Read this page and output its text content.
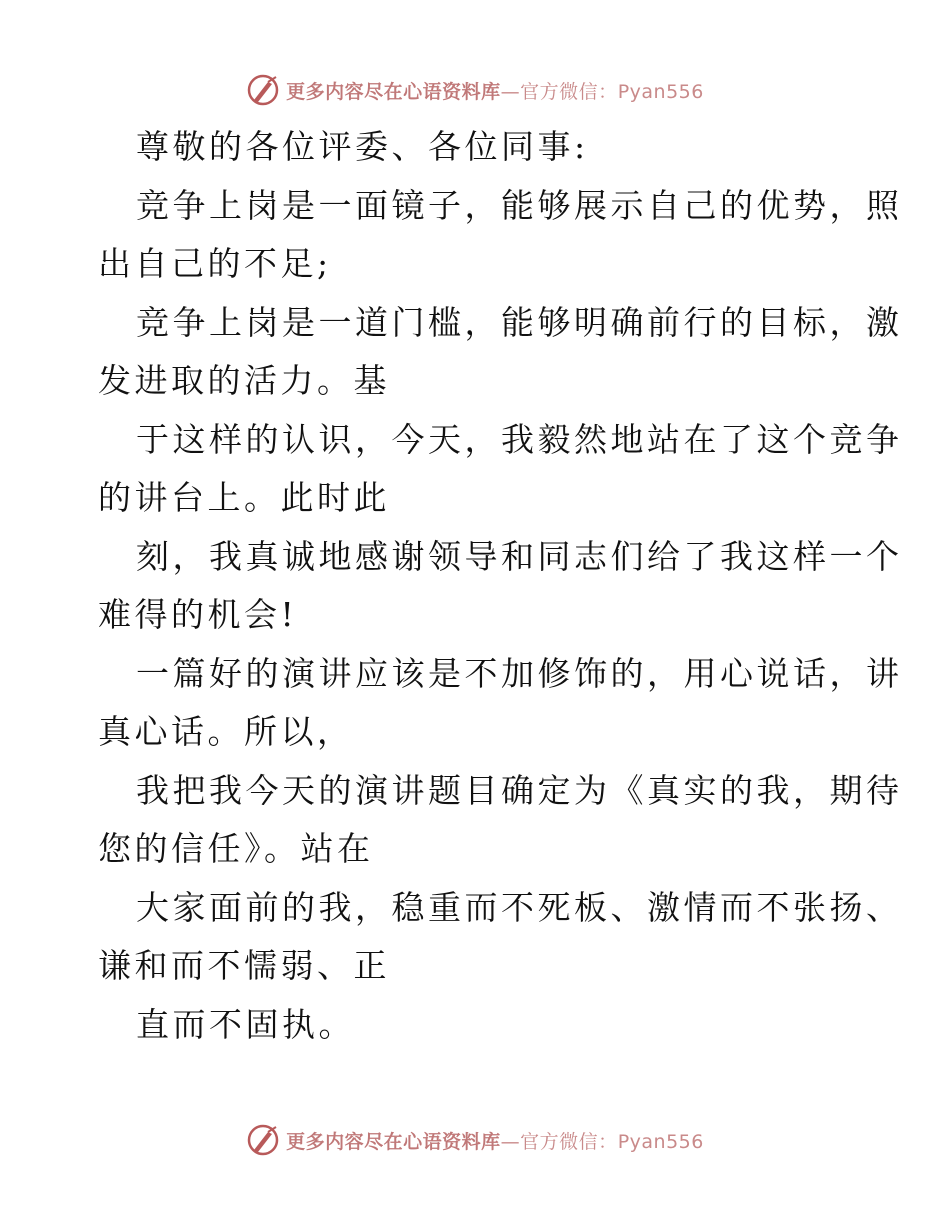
更多内容尽在心语资料库—官方微信：Pyan556
尊敬的各位评委、各位同事:
竞争上岗是一面镜子，能够展示自己的优势，照
出自己的不足;
竞争上岗是一道门槛，能够明确前行的目标，激
发进取的活力。基
于这样的认识，今天，我毅然地站在了这个竞争
的讲台上。此时此
刻，我真诚地感谢领导和同志们给了我这样一个
难得的机会!
一篇好的演讲应该是不加修饰的，用心说话，讲
真心话。所以，
我把我今天的演讲题目确定为《真实的我，期待
您的信任》。站在
大家面前的我，稳重而不死板、激情而不张扬、
谦和而不懦弱、正
直而不固执。
更多内容尽在心语资料库—官方微信：Pyan556
